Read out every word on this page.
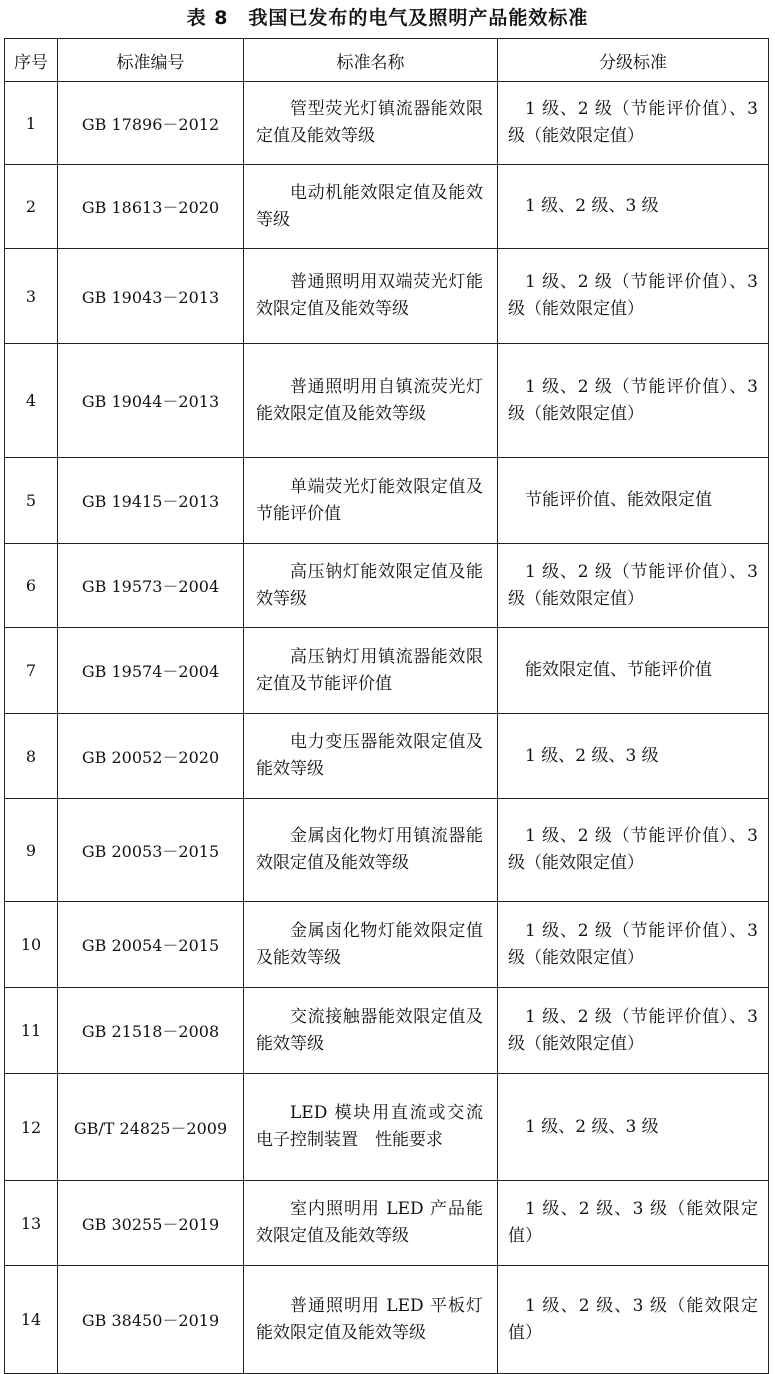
表 8　我国已发布的电气及照明产品能效标准
序号	标准编号	标准名称	分级标准
1	GB 17896－2012	管型荧光灯镇流器能效限定值及能效等级	1 级、2 级（节能评价值）、3 级（能效限定值）
2	GB 18613－2020	电动机能效限定值及能效等级	1 级、2 级、3 级
3	GB 19043－2013	普通照明用双端荧光灯能效限定值及能效等级	1 级、2 级（节能评价值）、3 级（能效限定值）
4	GB 19044－2013	普通照明用自镇流荧光灯能效限定值及能效等级	1 级、2 级（节能评价值）、3 级（能效限定值）
5	GB 19415－2013	单端荧光灯能效限定值及节能评价值	节能评价值、能效限定值
6	GB 19573－2004	高压钠灯能效限定值及能效等级	1 级、2 级（节能评价值）、3 级（能效限定值）
7	GB 19574－2004	高压钠灯用镇流器能效限定值及节能评价值	能效限定值、节能评价值
8	GB 20052－2020	电力变压器能效限定值及能效等级	1 级、2 级、3 级
9	GB 20053－2015	金属卤化物灯用镇流器能效限定值及能效等级	1 级、2 级（节能评价值）、3 级（能效限定值）
10	GB 20054－2015	金属卤化物灯能效限定值及能效等级	1 级、2 级（节能评价值）、3 级（能效限定值）
11	GB 21518－2008	交流接触器能效限定值及能效等级	1 级、2 级（节能评价值）、3 级（能效限定值）
12	GB/T 24825－2009	LED 模块用直流或交流电子控制装置　性能要求	1 级、2 级、3 级
13	GB 30255－2019	室内照明用 LED 产品能效限定值及能效等级	1 级、2 级、3 级（能效限定值）
14	GB 38450－2019	普通照明用 LED 平板灯能效限定值及能效等级	1 级、2 级、3 级（能效限定值）
